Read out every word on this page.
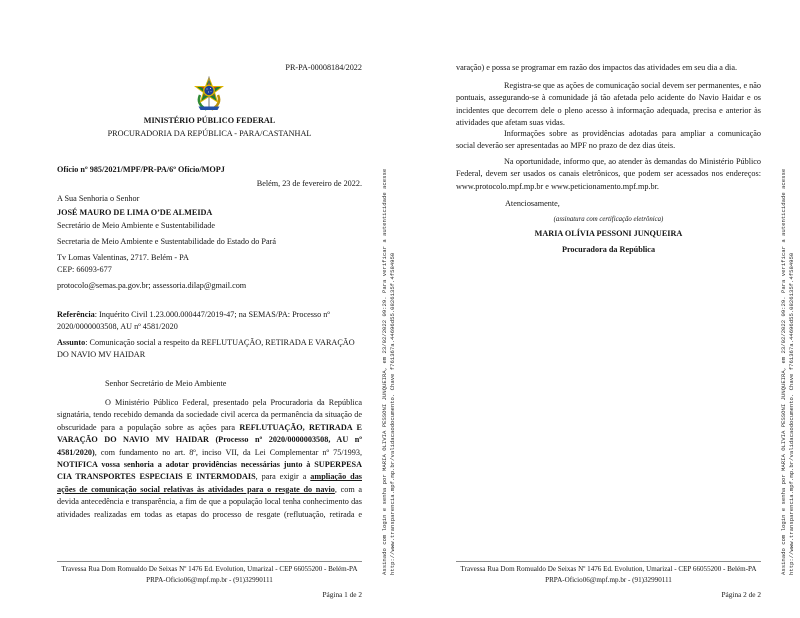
PR-PA-00008184/2022
MINISTÉRIO PÚBLICO FEDERAL
PROCURADORIA DA REPÚBLICA - PARA/CASTANHAL
Ofício nº 985/2021/MPF/PR-PA/6º Ofício/MOPJ
Belém, 23 de fevereiro de 2022.
A Sua Senhoria o Senhor
JOSÉ MAURO DE LIMA O’DE ALMEIDA
Secretário de Meio Ambiente e Sustentabilidade
Secretaria de Meio Ambiente e Sustentabilidade do Estado do Pará
Tv Lomas Valentinas, 2717. Belém - PA
CEP: 66093-677
protocolo@semas.pa.gov.br; assessoria.dilap@gmail.com
Referência: Inquérito Civil 1.23.000.000447/2019-47; na SEMAS/PA: Processo nº 2020/0000003508, AU nº 4581/2020
Assunto: Comunicação social a respeito da REFLUTUAÇÃO, RETIRADA E VARAÇÃO DO NAVIO MV HAIDAR
Senhor Secretário de Meio Ambiente
O Ministério Público Federal, presentado pela Procuradoria da República signatária, tendo recebido demanda da sociedade civil acerca da permanência da situação de obscuridade para a população sobre as ações para REFLUTUAÇÃO, RETIRADA E VARAÇÃO DO NAVIO MV HAIDAR (Processo nº 2020/0000003508, AU nº 4581/2020), com fundamento no art. 8º, inciso VII, da Lei Complementar nº 75/1993, NOTIFICA vossa senhoria a adotar providências necessárias junto à SUPERPESA CIA TRANSPORTES ESPECIAIS E INTERMODAIS, para exigir a ampliação das ações de comunicação social relativas às atividades para o resgate do navio, com a devida antecedência e transparência, a fim de que a população local tenha conhecimento das atividades realizadas em todas as etapas do processo de resgate (reflutuação, retirada e
Travessa Rua Dom Romualdo De Seixas Nº 1476 Ed. Evolution, Umarizal - CEP 66055200 - Belém-PA
PRPA-Oficio06@mpf.mp.br - (91)32990111
Página 1 de 2
Assinado com login e senha por MARIA OLIVIA PESSONI JUNQUEIRA, em 23/02/2022 09:29. Para verificar a autenticidade acesse http://www.transparencia.mpf.mp.br/validacaodocumento. Chave f761367a.44696d55.0826135f.4f584950
varação) e possa se programar em razão dos impactos das atividades em seu dia a dia.
Registra-se que as ações de comunicação social devem ser permanentes, e não pontuais, assegurando-se à comunidade já tão afetada pelo acidente do Navio Haidar e os incidentes que decorrem dele o pleno acesso à informação adequada, precisa e anterior às atividades que afetam suas vidas.
Informações sobre as providências adotadas para ampliar a comunicação social deverão ser apresentadas ao MPF no prazo de dez dias úteis.
Na oportunidade, informo que, ao atender às demandas do Ministério Público Federal, devem ser usados os canais eletrônicos, que podem ser acessados nos endereços: www.protocolo.mpf.mp.br e www.peticionamento.mpf.mp.br.
Atenciosamente,
(assinatura com certificação eletrônica)
MARIA OLÍVIA PESSONI JUNQUEIRA
Procuradora da República
Travessa Rua Dom Romualdo De Seixas Nº 1476 Ed. Evolution, Umarizal - CEP 66055200 - Belém-PA
PRPA-Oficio06@mpf.mp.br - (91)32990111
Página 2 de 2
Assinado com login e senha por MARIA OLIVIA PESSONI JUNQUEIRA, em 23/02/2022 09:29. Para verificar a autenticidade acesse http://www.transparencia.mpf.mp.br/validacaodocumento. Chave f761367a.44696d55.0826135f.4f584950
